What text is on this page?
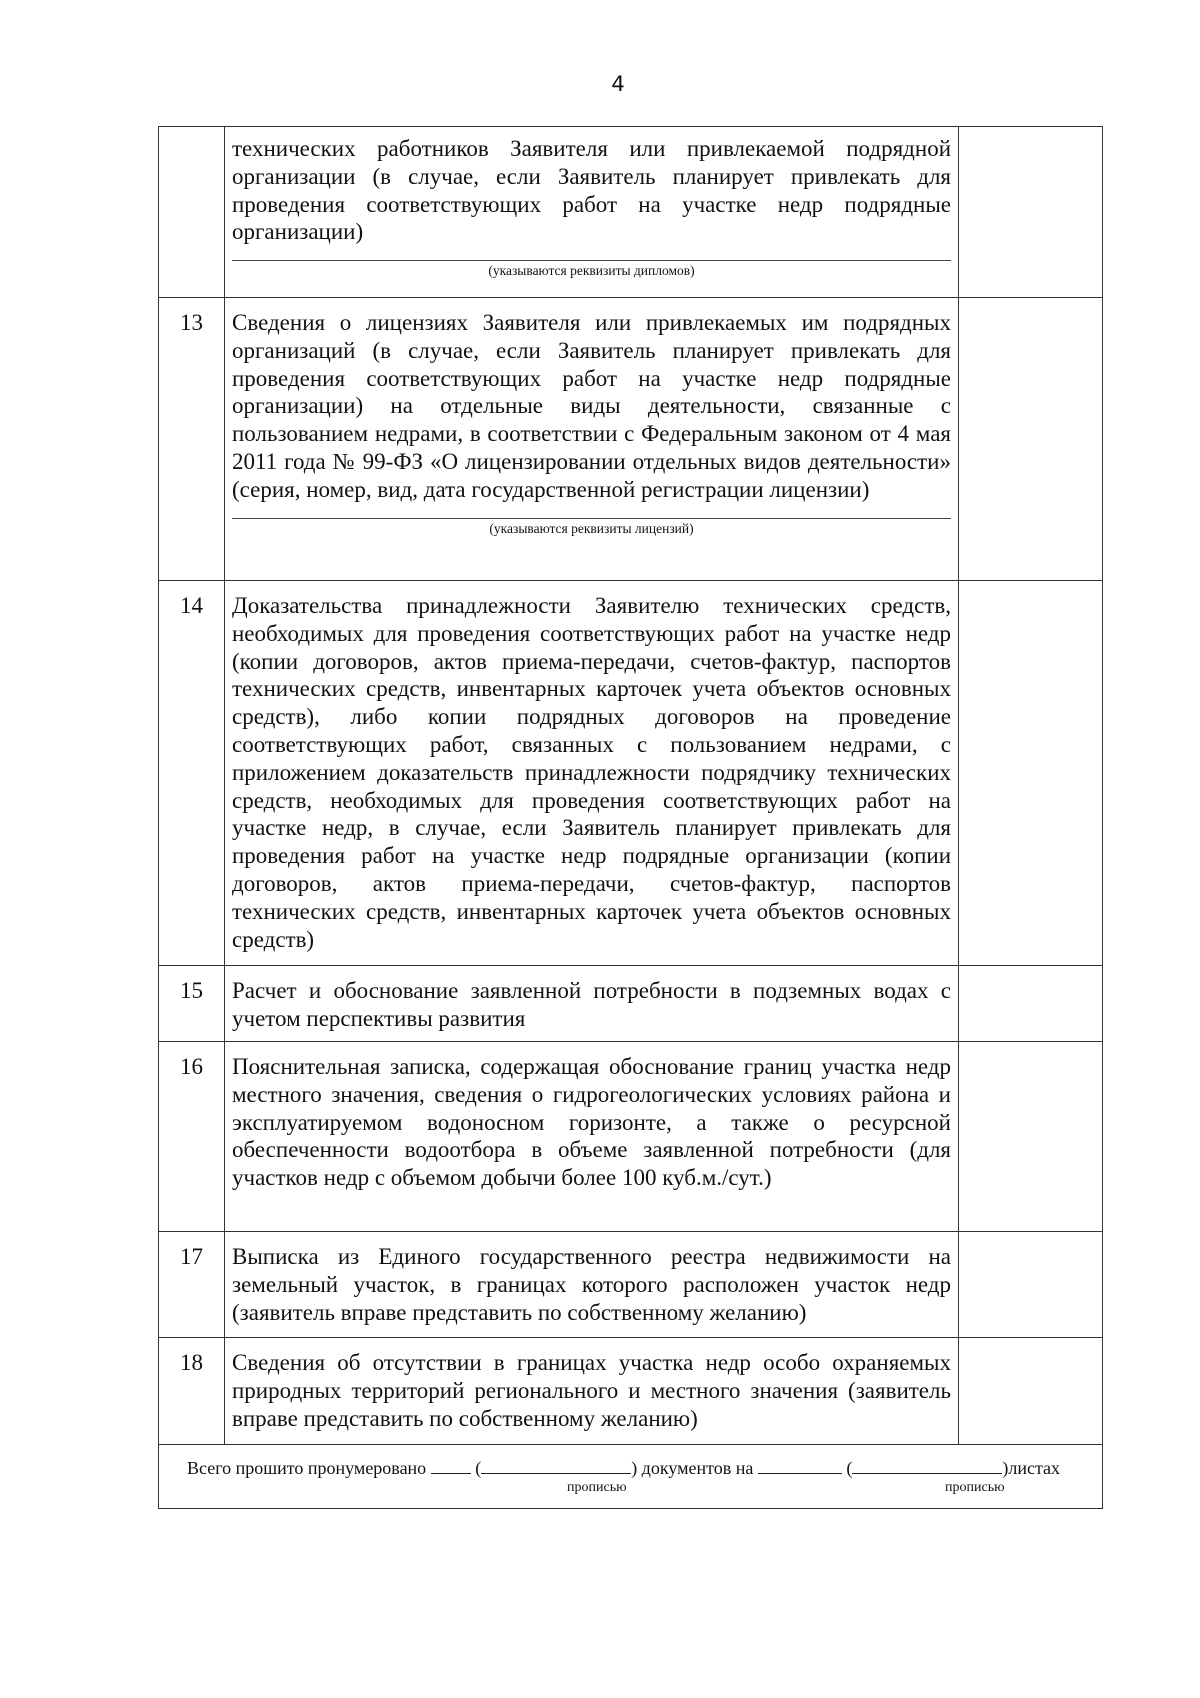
4

	технических работников Заявителя или привлекаемой подрядной организации (в случае, если Заявитель планирует привлекать для проведения соответствующих работ на участке недр подрядные организации)

(указываются реквизиты дипломов)	

13	Сведения о лицензиях Заявителя или привлекаемых им подрядных организаций (в случае, если Заявитель планирует привлекать для проведения соответствующих работ на участке недр подрядные организации) на отдельные виды деятельности, связанные с пользованием недрами, в соответствии с Федеральным законом от 4 мая 2011 года № 99-ФЗ «О лицензировании отдельных видов деятельности» (серия, номер, вид, дата государственной регистрации лицензии)

(указываются реквизиты лицензий)	

14	Доказательства принадлежности Заявителю технических средств, необходимых для проведения соответствующих работ на участке недр (копии договоров, актов приема-передачи, счетов-фактур, паспортов технических средств, инвентарных карточек учета объектов основных средств), либо копии подрядных договоров на проведение соответствующих работ, связанных с пользованием недрами, с приложением доказательств принадлежности подрядчику технических средств, необходимых для проведения соответствующих работ на участке недр, в случае, если Заявитель планирует привлекать для проведения работ на участке недр подрядные организации (копии договоров, актов приема-передачи, счетов-фактур, паспортов технических средств, инвентарных карточек учета объектов основных средств)	

15	Расчет и обоснование заявленной потребности в подземных водах с учетом перспективы развития	

16	Пояснительная записка, содержащая обоснование границ участка недр местного значения, сведения о гидрогеологических условиях района и эксплуатируемом водоносном горизонте, а также о ресурсной обеспеченности водоотбора в объеме заявленной потребности (для участков недр с объемом добычи более 100 куб.м./сут.)	

17	Выписка из Единого государственного реестра недвижимости на земельный участок, в границах которого расположен участок недр (заявитель вправе представить по собственному желанию)	

18	Сведения об отсутствии в границах участка недр особо охраняемых природных территорий регионального и местного значения (заявитель вправе представить по собственному желанию)	

Всего прошито пронумеровано ( ) документов на ( )листах
прописью прописью		
